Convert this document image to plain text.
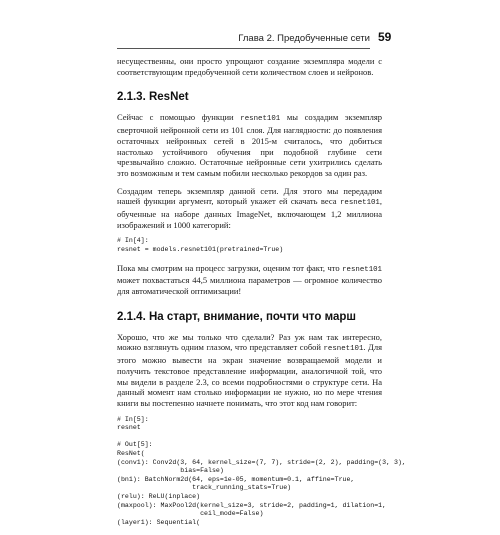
Глава 2. Предобученные сети 59

несущественны, они просто упрощают создание экземпляра модели с соответствующим предобученной сети количеством слоев и нейронов.

2.1.3. ResNet

Сейчас с помощью функции resnet101 мы создадим экземпляр сверточной нейронной сети из 101 слоя. Для наглядности: до появления остаточных нейронных сетей в 2015-м считалось, что добиться настолько устойчивого обучения при подобной глубине сети чрезвычайно сложно. Остаточные нейронные сети ухитрились сделать это возможным и тем самым побили несколько рекордов за один раз.

Создадим теперь экземпляр данной сети. Для этого мы передадим нашей функции аргумент, который укажет ей скачать веса resnet101, обученные на наборе данных ImageNet, включающем 1,2 миллиона изображений и 1000 категорий:

# In[4]:
resnet = models.resnet101(pretrained=True)

Пока мы смотрим на процесс загрузки, оценим тот факт, что resnet101 может похвастаться 44,5 миллиона параметров — огромное количество для автоматической оптимизации!

2.1.4. На старт, внимание, почти что марш

Хорошо, что же мы только что сделали? Раз уж нам так интересно, можно взглянуть одним глазом, что представляет собой resnet101. Для этого можно вывести на экран значение возвращаемой модели и получить текстовое представление информации, аналогичной той, что мы видели в разделе 2.3, со всеми подробностями о структуре сети. На данный момент нам столько информации не нужно, но по мере чтения книги вы постепенно начнете понимать, что этот код нам говорит:

# In[5]:
resnet

# Out[5]:
ResNet(
(conv1): Conv2d(3, 64, kernel_size=(7, 7), stride=(2, 2), padding=(3, 3),
bias=False)
(bn1): BatchNorm2d(64, eps=1e-05, momentum=0.1, affine=True,
track_running_stats=True)
(relu): ReLU(inplace)
(maxpool): MaxPool2d(kernel_size=3, stride=2, padding=1, dilation=1,
ceil_mode=False)
(layer1): Sequential(
